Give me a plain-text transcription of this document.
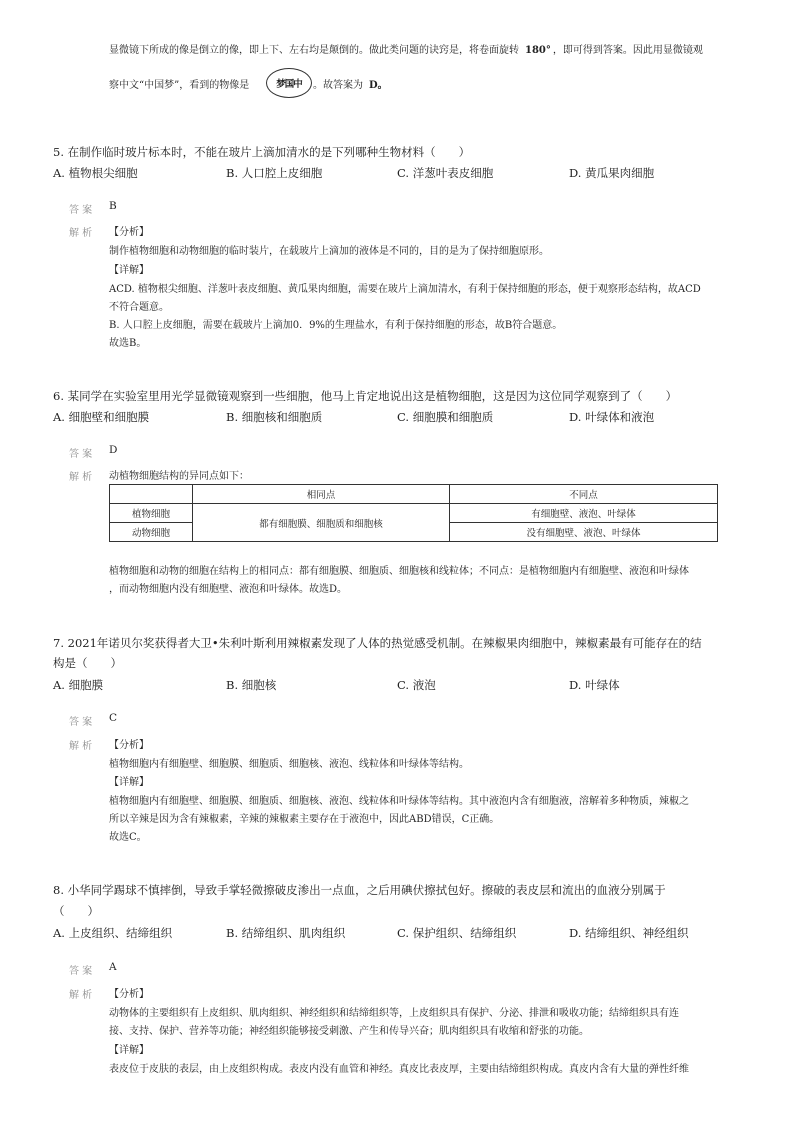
显微镜下所成的像是倒立的像，即上下、左右均是颠倒的。做此类问题的诀窍是，将卷面旋转 180° ，即可得到答案。因此用显微镜观
察中文“中国梦”，看到的物像是	梦国中 。故答案为 D。
5. 在制作临时玻片标本时，不能在玻片上滴加清水的是下列哪种生物材料（　　）
A. 植物根尖细胞	B. 人口腔上皮细胞	C. 洋葱叶表皮细胞	D. 黄瓜果肉细胞
答 案 B
解 析 【分析】
制作植物细胞和动物细胞的临时装片，在载玻片上滴加的液体是不同的，目的是为了保持细胞原形。
【详解】
ACD. 植物根尖细胞、洋葱叶表皮细胞、黄瓜果肉细胞，需要在玻片上滴加清水，有利于保持细胞的形态，便于观察形态结构，故ACD
不符合题意。
B. 人口腔上皮细胞，需要在载玻片上滴加0．9%的生理盐水，有利于保持细胞的形态，故B符合题意。
故选B。
6. 某同学在实验室里用光学显微镜观察到一些细胞，他马上肯定地说出这是植物细胞，这是因为这位同学观察到了（　　）
A. 细胞壁和细胞膜	B. 细胞核和细胞质	C. 细胞膜和细胞质	D. 叶绿体和液泡
答 案 D
解 析 动植物细胞结构的异同点如下：
	相同点	不同点
植物细胞	都有细胞膜、细胞质和细胞核	有细胞壁、液泡、叶绿体
动物细胞		没有细胞壁、液泡、叶绿体
植物细胞和动物的细胞在结构上的相同点：都有细胞膜、细胞质、细胞核和线粒体；不同点：是植物细胞内有细胞壁、液泡和叶绿体
，而动物细胞内没有细胞壁、液泡和叶绿体。故选D。
7. 2021年诺贝尔奖获得者大卫•朱利叶斯利用辣椒素发现了人体的热觉感受机制。在辣椒果肉细胞中，辣椒素最有可能存在的结
构是（　　）
A. 细胞膜	B. 细胞核	C. 液泡	D. 叶绿体
答 案 C
解 析 【分析】
植物细胞内有细胞壁、细胞膜、细胞质、细胞核、液泡、线粒体和叶绿体等结构。
【详解】
植物细胞内有细胞壁、细胞膜、细胞质、细胞核、液泡、线粒体和叶绿体等结构。其中液泡内含有细胞液，溶解着多种物质，辣椒之
所以辛辣是因为含有辣椒素，辛辣的辣椒素主要存在于液泡中，因此ABD错误，C正确。
故选C。
8. 小华同学踢球不慎摔倒，导致手掌轻微擦破皮渗出一点血，之后用碘伏擦拭包好。擦破的表皮层和流出的血液分别属于
（　　）
A. 上皮组织、结缔组织	B. 结缔组织、肌肉组织	C. 保护组织、结缔组织	D. 结缔组织、神经组织
答 案 A
解 析 【分析】
动物体的主要组织有上皮组织、肌肉组织、神经组织和结缔组织等，上皮组织具有保护、分泌、排泄和吸收功能；结缔组织具有连
接、支持、保护、营养等功能；神经组织能够接受刺激、产生和传导兴奋；肌肉组织具有收缩和舒张的功能。
【详解】
表皮位于皮肤的表层，由上皮组织构成。表皮内没有血管和神经。真皮比表皮厚，主要由结缔组织构成。真皮内含有大量的弹性纤维
